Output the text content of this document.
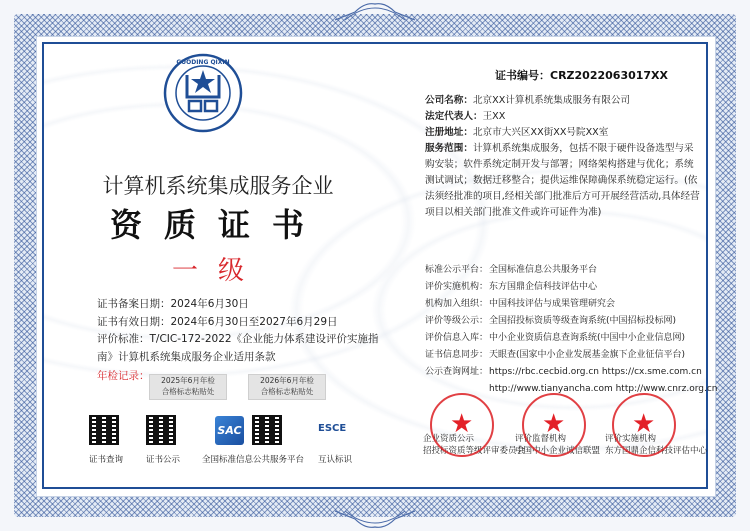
GUODING QIXIN
计算机系统集成服务企业
资质证书
一级
证书备案日期：2024年6月30日
证书有效日期：2024年6月30日至2027年6月29日
评价标准：T/CIC-172-2022《企业能力体系建设评价实施指
南》计算机系统集成服务企业适用条款
年检记录：	2025年6月年检
合格标志粘贴处
2026年6月年检
合格标志粘贴处
证书查询	证书公示
SAC
全国标准信息公共服务平台
ESCE
互认标识
证书编号：CRZ2022063017XX
公司名称：北京XX计算机系统集成服务有限公司
法定代表人：王XX
注册地址：北京市大兴区XX街XX号院XX室
服务范围：计算机系统集成服务，包括不限于硬件设备选型与采购安装；软件系统定制开发与部署；网络架构搭建与优化；系统测试调试；数据迁移整合；提供运维保障确保系统稳定运行。(依法须经批准的项目,经相关部门批准后方可开展经营活动,具体经营项目以相关部门批准文件或许可证件为准)
标准公示平台：全国标准信息公共服务平台
评价实施机构：东方国鼎企信科技评估中心
机构加入组织：中国科技评估与成果管理研究会
评价等级公示：全国招投标资质等级查询系统(中国招标投标网)
评价信息入库：中小企业资质信息查询系统(中国中小企业信息网)
证书信息同步：天眼查(国家中小企业发展基金旗下企业征信平台)
公示查询网址：https://rbc.cecbid.org.cn https://cx.sme.com.cn
http://www.tianyancha.com http://www.cnrz.org.cn
企业资质公示
招投标资质等级评审委员会
评价监督机构
中国中小企业诚信联盟
评价实施机构
东方国鼎企信科技评估中心
★	★	★
